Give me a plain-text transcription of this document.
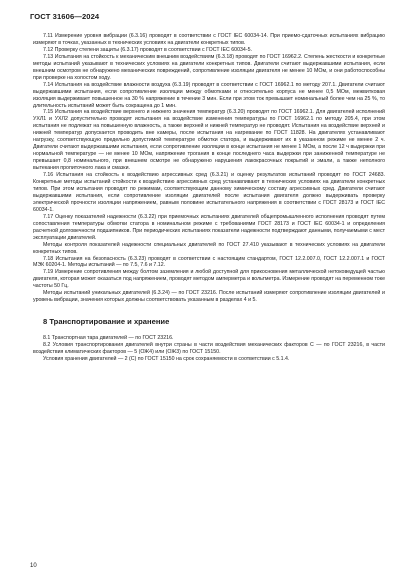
ГОСТ 31606—2024

7.11 Измерение уровня вибрации (6.3.16) проводят в соответствии с ГОСТ IEC 60034-14. При приемо-сдаточных испытаниях вибрацию измеряют в точках, указанных в технических условиях на двигатели конкретных типов.

7.12 Проверку степени защиты (6.3.17) проводят в соответствии с ГОСТ IEC 60034-5.

7.13 Испытания на стойкость к механическим внешним воздействиям (6.3.18) проводят по ГОСТ 16962.2. Степень жесткости и конкретные методы испытаний указывают в технических условиях на двигатели конкретных типов. Двигатели считают выдержавшими испытания, если внешним осмотром не обнаружено механических повреждений, сопротивление изоляции двигателя не менее 10 МОм, и они работоспособны при проверке на холостом ходу.

7.14 Испытания на воздействие влажности воздуха (6.3.19) проводят в соответствии с ГОСТ 16962.1 по методу 207.1. Двигатели считают выдержавшими испытания, если сопротивление изоляции между обмотками и относительно корпуса не менее 0,5 МОм, межвитковая изоляция выдерживает повышенное на 30 % напряжение в течение 3 мин. Если при этом ток превышает номинальный более чем на 25 %, то длительность испытаний может быть сокращена до 1 мин.

7.15 Испытания на воздействие верхнего и нижнего значения температур (6.3.20) проводят по ГОСТ 16962.1. Для двигателей исполнений УХЛ1 и УХЛ2 допустительно проводят испытания на воздействие изменения температуры по ГОСТ 16962.1 по методу 205.4, при этом испытания не подлежат на повышенную влажность, а также верхней и нижней температур не проводят. Испытания на воздействие верхней и нижней температур допускается проводить вне камеры, после испытания на нагревание по ГОСТ 11828. На двигателях устанавливают нагрузку, соответствующую предельно допустимой температуре обмотки статора, и выдерживают их в указанном режиме не менее 2 ч. Двигатели считают выдержавшими испытания, если сопротивление изоляции в конце испытания не менее 1 МОм, а после 12 ч выдержки при нормальной температуре — не менее 10 МОм, напряжение трогания в конце последнего часа выдержки при заниженной температуре не превышает 0,8 номинального, при внешнем осмотре не обнаружено нарушения лакокрасочных покрытий и эмали, а также неполного вытекания пропиточного лака и смазки.

7.16 Испытания на стойкость к воздействию агрессивных сред (6.3.21) и оценку результатов испытаний проводят по ГОСТ 24683. Конкретные методы испытаний стойкости к воздействию агрессивных сред устанавливают в технических условиях на двигатели конкретных типов. При этом испытания проводят по режимам, соответствующим данному химическому составу агрессивных сред. Двигатели считают выдержавшими испытания, если сопротивление изоляции двигателей после испытания двигателя должно выдерживать проверку электрической прочности изоляции напряжением, равным половине испытательного напряжения в соответствии с ГОСТ 28173 и ГОСТ IEC 60034-1.

7.17 Оценку показателей надежности (6.3.22) при приемочных испытаниях двигателей общепромышленного исполнения проводят путем сопоставления температуры обмотки статора в номинальном режиме с требованиями ГОСТ 28173 и ГОСТ IEC 60034-1 и определения расчетной долговечности подшипников. При периодических испытаниях показатели надежности подтверждают данными, получаемыми с мест эксплуатации двигателей.

Методы контроля показателей надежности специальных двигателей по ГОСТ 27.410 указывают в технических условиях на двигатели конкретных типов.

7.18 Испытания на безопасность (6.3.23) проводят в соответствии с настоящим стандартом, ГОСТ 12.2.007.0, ГОСТ 12.2.007.1 и ГОСТ МЭК 60204-1. Методы испытаний — по 7.5, 7.6 и 7.12.

7.19 Измерение сопротивления между болтом заземления и любой доступной для прикосновения металлической нетоковедущей частью двигателя, которая может оказаться под напряжением, проводят методом амперметра и вольтметра. Измерение проводят на переменном токе частоты 50 Гц.

Методы испытаний уникальных двигателей (6.3.24) — по ГОСТ 23216. После испытаний измеряют сопротивление изоляции двигателей и уровень вибрации, значения которых должны соответствовать указанным в разделах 4 и 5.

8 Транспортирование и хранение

8.1 Транспортная тара двигателей — по ГОСТ 23216.

8.2 Условия транспортирования двигателей внутри страны в части воздействия механических факторов С — по ГОСТ 23216, в части воздействия климатических факторов — 5 (ОЖ4) или (ОЖ3) по ГОСТ 15150.

Условия хранения двигателей — 2 (С) по ГОСТ 15150 на срок сохраняемости в соответствии с 5.1.4.

10
